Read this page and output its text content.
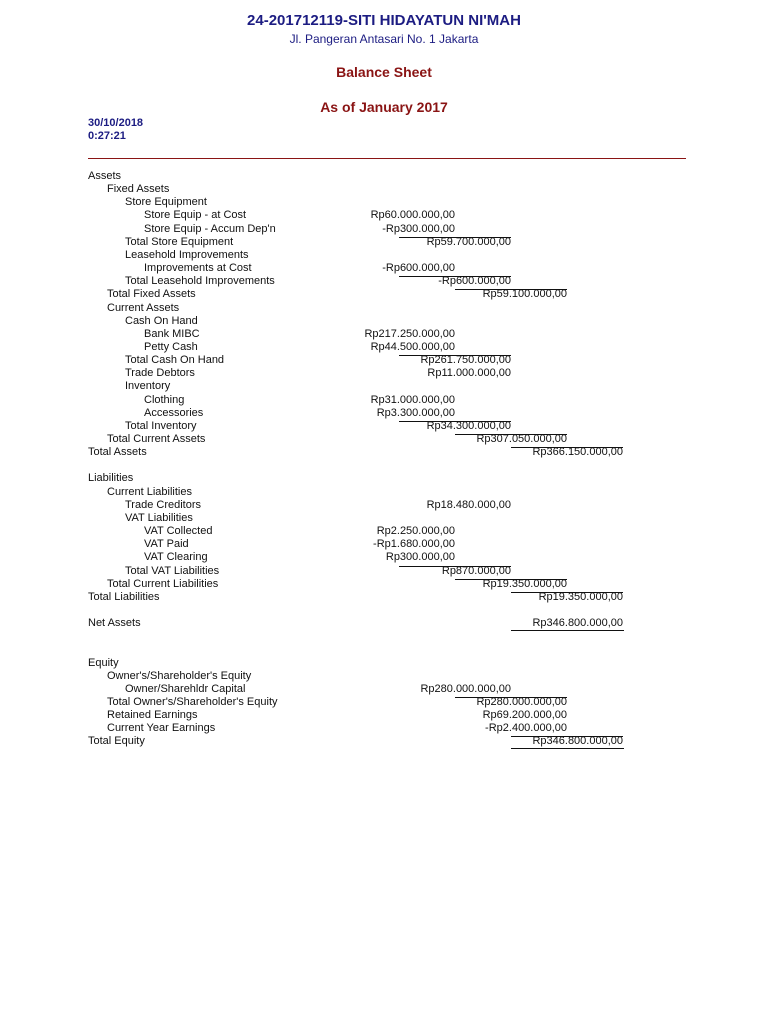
24-201712119-SITI HIDAYATUN NI'MAH
Jl. Pangeran Antasari No. 1 Jakarta
Balance Sheet
As of January 2017
30/10/2018
0:27:21
Assets
Fixed Assets
Store Equipment
Store Equip - at Cost	Rp60.000.000,00
Store Equip - Accum Dep'n	-Rp300.000,00
Total Store Equipment	Rp59.700.000,00
Leasehold Improvements
Improvements at Cost	-Rp600.000,00
Total Leasehold Improvements	-Rp600.000,00
Total Fixed Assets	Rp59.100.000,00
Current Assets
Cash On Hand
Bank MIBC	Rp217.250.000,00
Petty Cash	Rp44.500.000,00
Total Cash On Hand	Rp261.750.000,00
Trade Debtors	Rp11.000.000,00
Inventory
Clothing	Rp31.000.000,00
Accessories	Rp3.300.000,00
Total Inventory	Rp34.300.000,00
Total Current Assets	Rp307.050.000,00
Total Assets	Rp366.150.000,00
Liabilities
Current Liabilities
Trade Creditors	Rp18.480.000,00
VAT Liabilities
VAT Collected	Rp2.250.000,00
VAT Paid	-Rp1.680.000,00
VAT Clearing	Rp300.000,00
Total VAT Liabilities	Rp870.000,00
Total Current Liabilities	Rp19.350.000,00
Total Liabilities	Rp19.350.000,00
Net Assets	Rp346.800.000,00
Equity
Owner's/Shareholder's Equity
Owner/Sharehldr Capital	Rp280.000.000,00
Total Owner's/Shareholder's Equity	Rp280.000.000,00
Retained Earnings	Rp69.200.000,00
Current Year Earnings	-Rp2.400.000,00
Total Equity	Rp346.800.000,00
